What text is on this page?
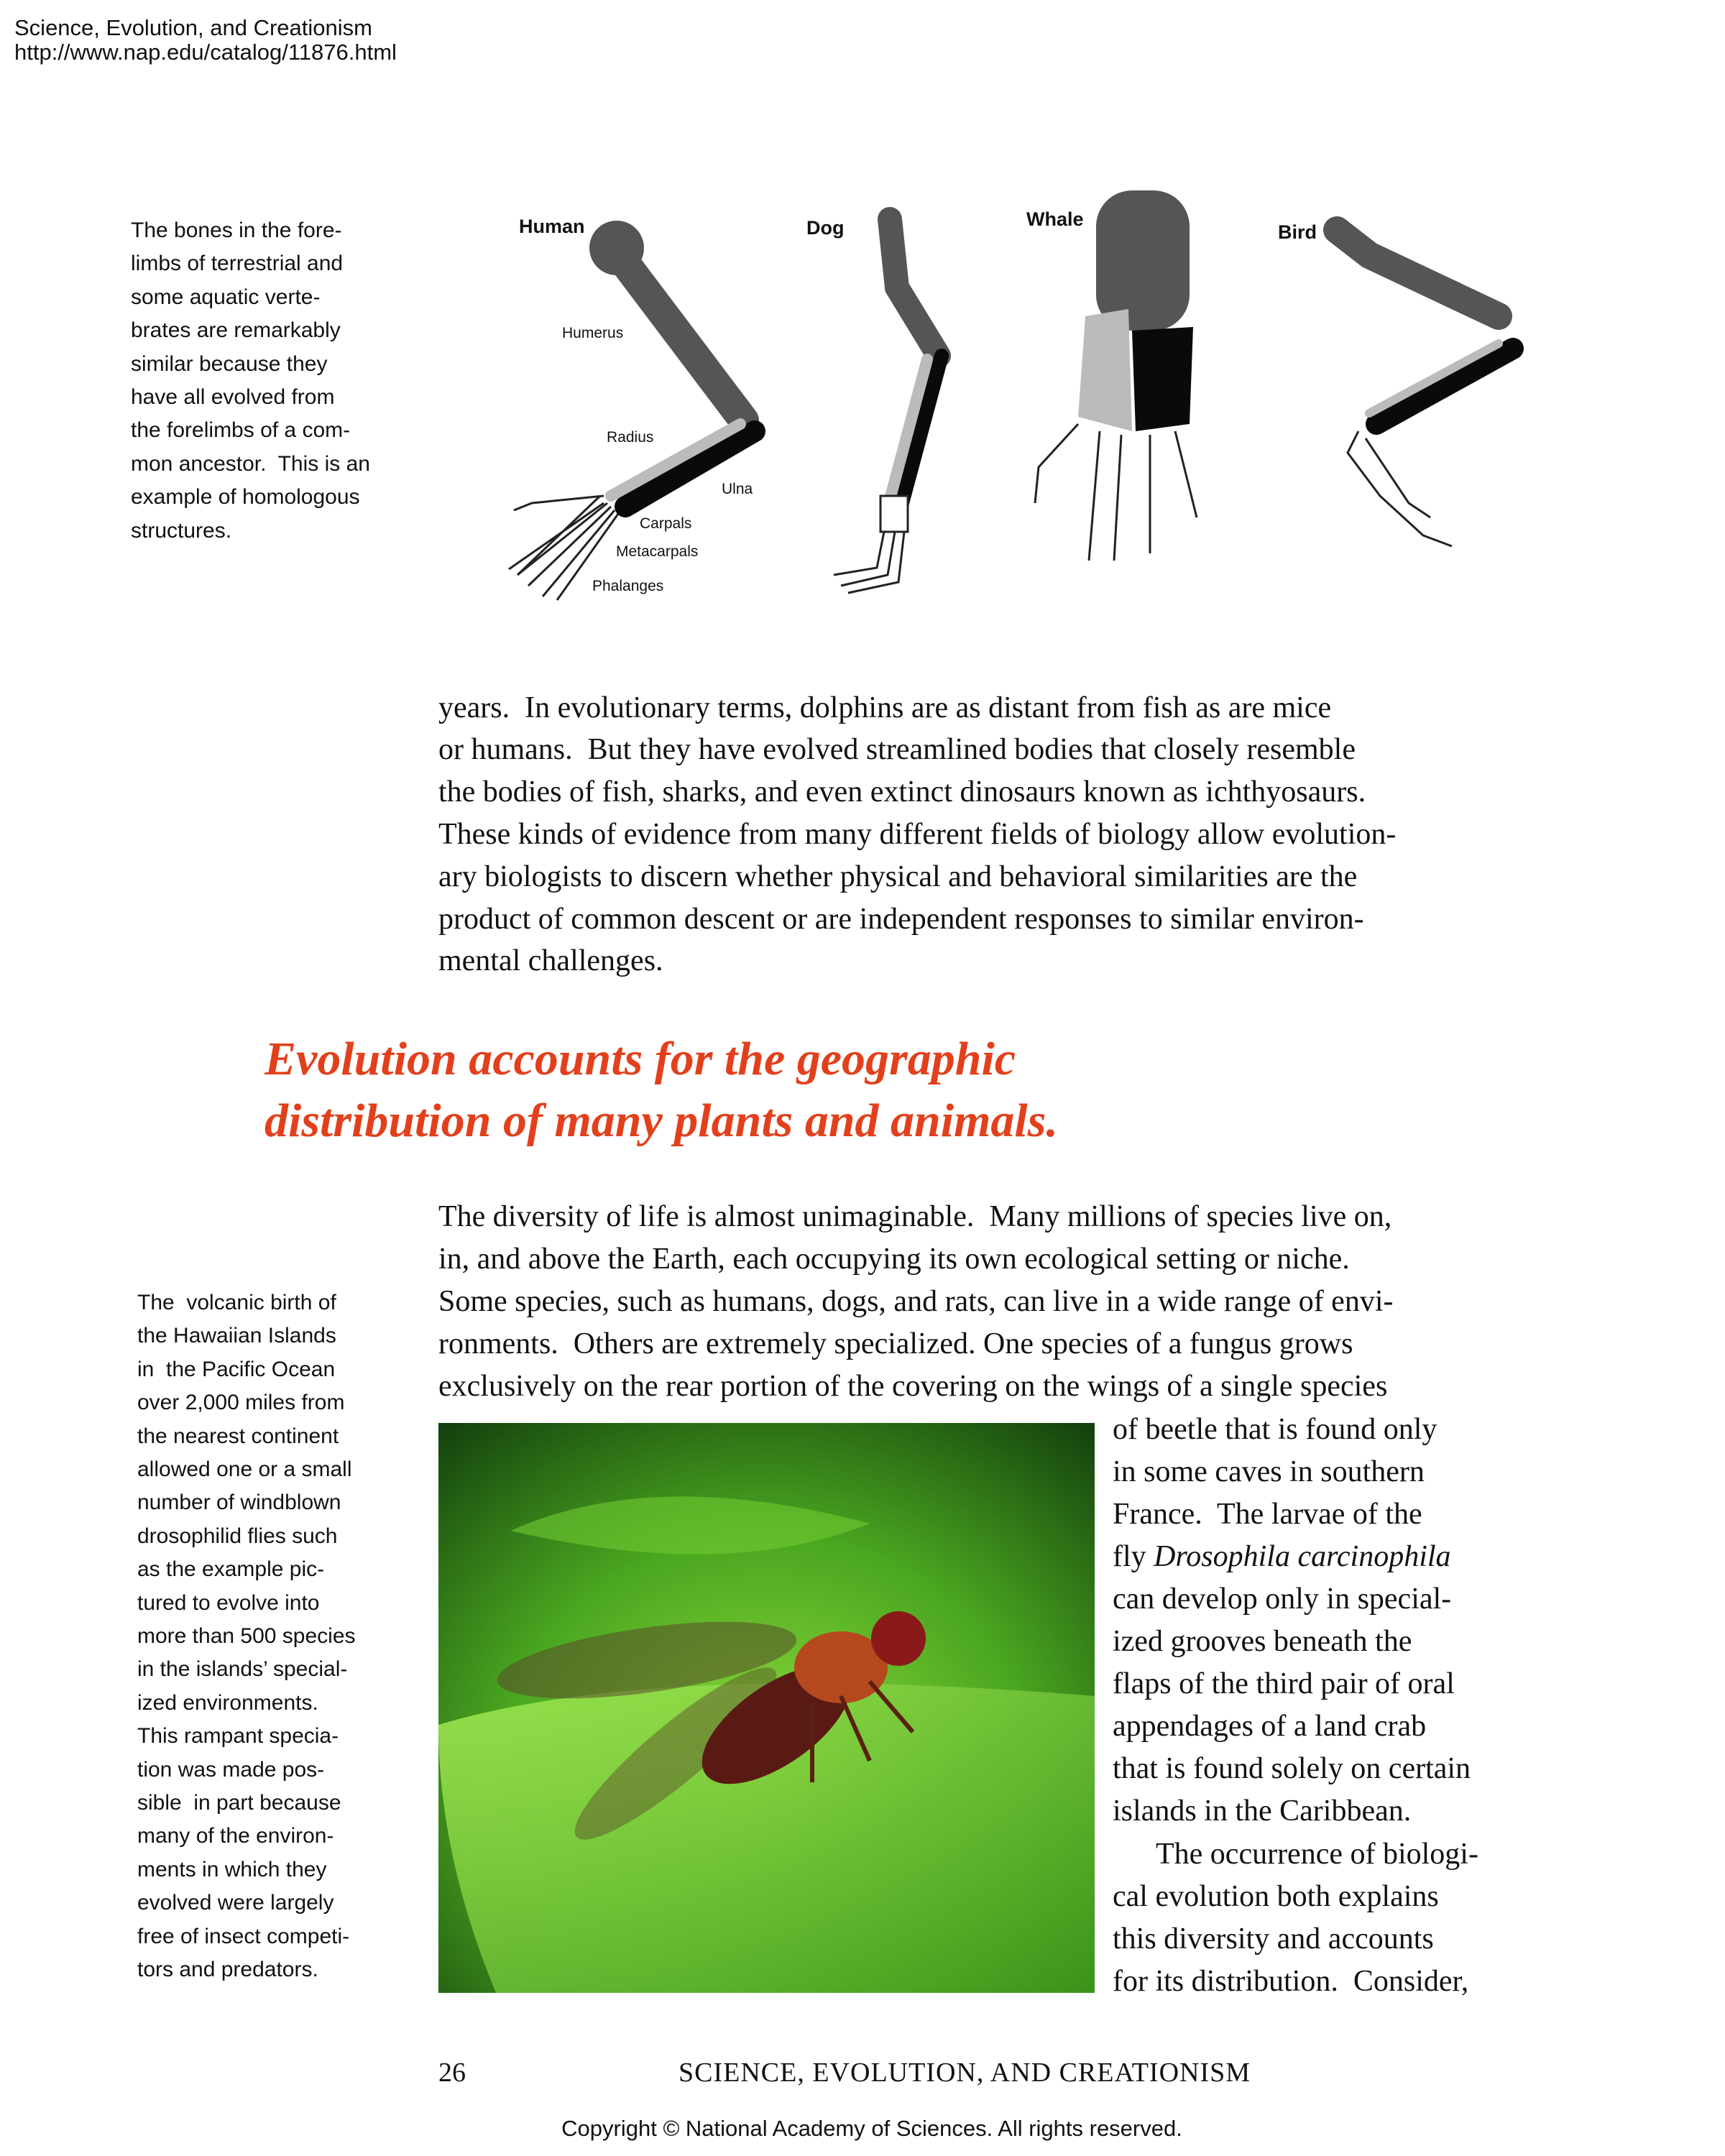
Science, Evolution, and Creationism
http://www.nap.edu/catalog/11876.html
Human	Dog	Whale
Bird
Humerus
Radius
Ulna
Carpals
Metacarpals
Phalanges
The bones in the fore-
limbs of terrestrial and
some aquatic verte-
brates are remarkably
similar because they
have all evolved from
the forelimbs of a com-
mon ancestor.  This is an
example of homologous
structures.
years.  In evolutionary terms, dolphins are as distant from fish as are mice
or humans.  But they have evolved streamlined bodies that closely resemble
the bodies of fish, sharks, and even extinct dinosaurs known as ichthyosaurs.
These kinds of evidence from many different fields of biology allow evolution-
ary biologists to discern whether physical and behavioral similarities are the
product of common descent or are independent responses to similar environ-
mental challenges.
Evolution accounts for the geographic
distribution of many plants and animals.
The diversity of life is almost unimaginable.  Many millions of species live on,
in, and above the Earth, each occupying its own ecological setting or niche.
Some species, such as humans, dogs, and rats, can live in a wide range of envi-
ronments.  Others are extremely specialized. One species of a fungus grows
exclusively on the rear portion of the covering on the wings of a single species
of beetle that is found only
in some caves in southern
France.  The larvae of the
fly Drosophila carcinophila
can develop only in special-
ized grooves beneath the
flaps of the third pair of oral
appendages of a land crab
that is found solely on certain
islands in the Caribbean.
The occurrence of biologi-
cal evolution both explains
this diversity and accounts
for its distribution.  Consider,
The  volcanic birth of
the Hawaiian Islands
in  the Pacific Ocean
over 2,000 miles from
the nearest continent
allowed one or a small
number of windblown
drosophilid flies such
as the example pic-
tured to evolve into
more than 500 species
in the islands’ special-
ized environments.
This rampant specia-
tion was made pos-
sible  in part because
many of the environ-
ments in which they
evolved were largely
free of insect competi-
tors and predators.
26	SCIENCE, EVOLUTION, AND CREATIONISM
Copyright © National Academy of Sciences. All rights reserved.
